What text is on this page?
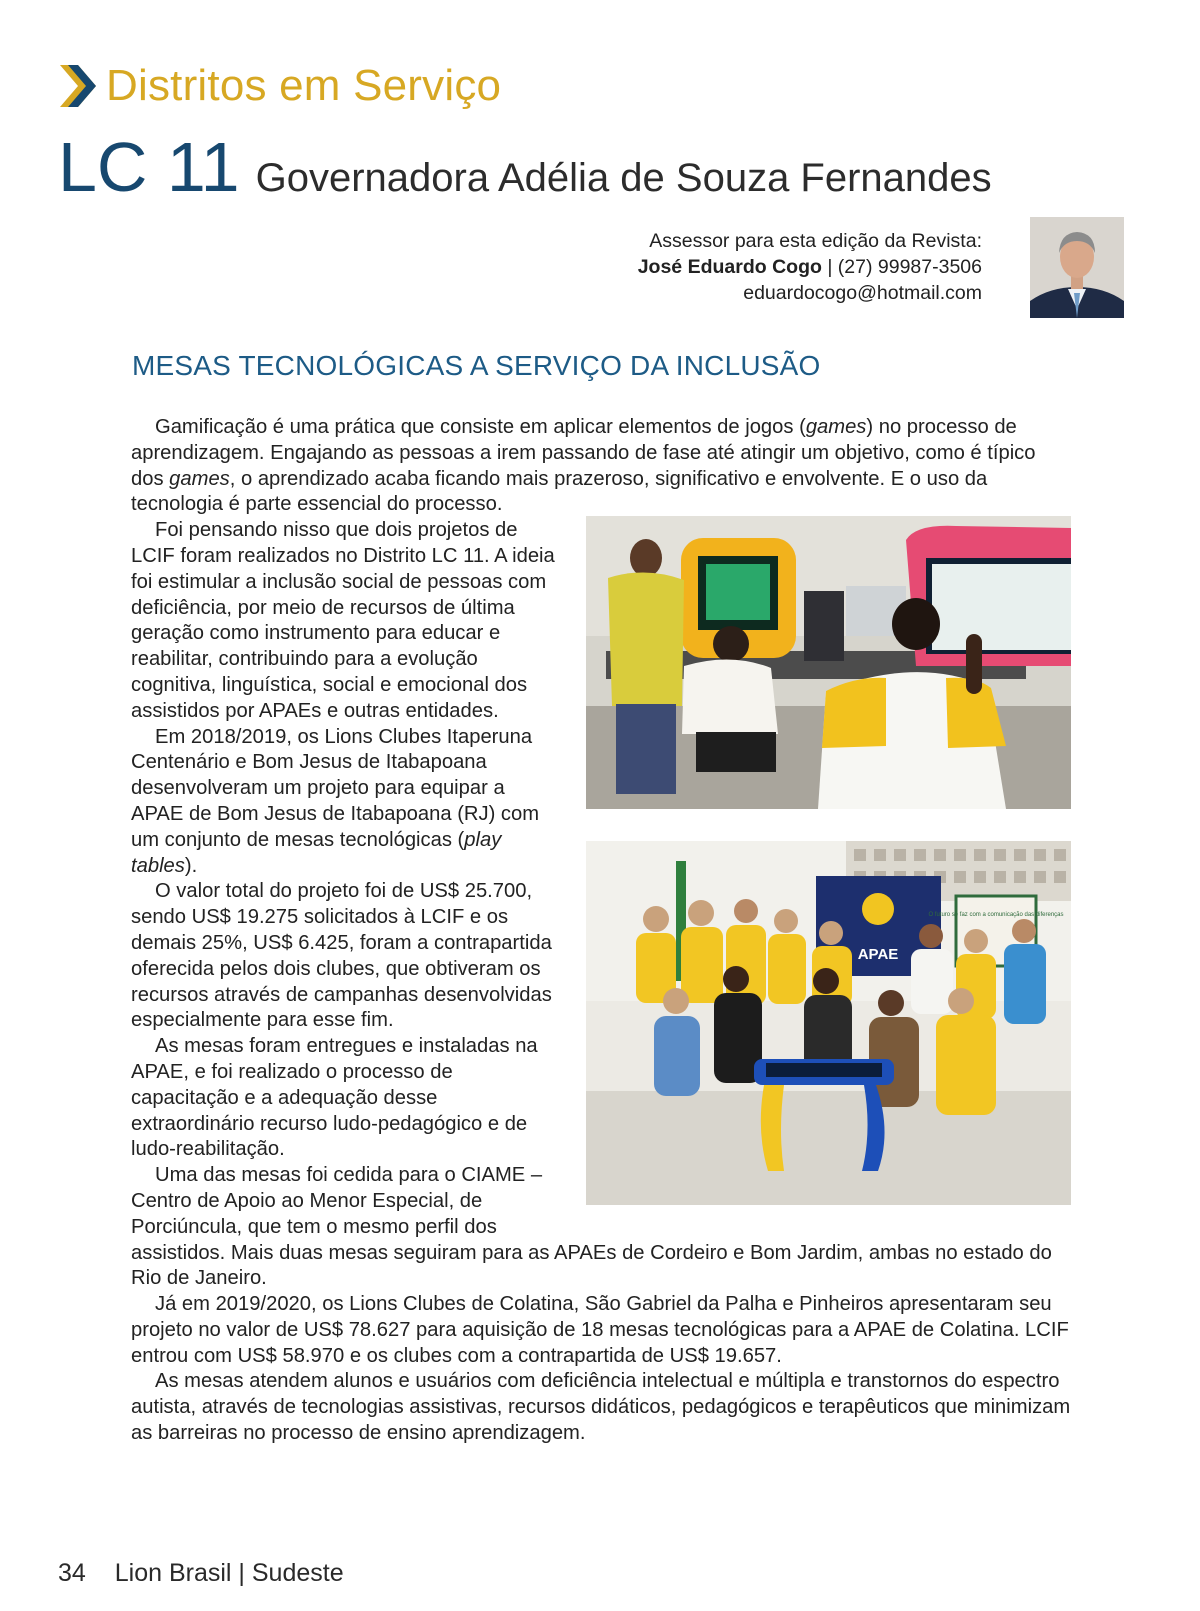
Distritos em Serviço
LC 11 Governadora Adélia de Souza Fernandes
Assessor para esta edição da Revista:
José Eduardo Cogo | (27) 99987-3506
eduardocogo@hotmail.com
MESAS TECNOLÓGICAS A SERVIÇO DA INCLUSÃO
APAE
O futuro se faz com a comunicação das diferenças

Gamificação é uma prática que consiste em aplicar elementos de jogos (games) no processo de aprendizagem. Engajando as pessoas a irem passando de fase até atingir um objetivo, como é típico dos games, o aprendizado acaba ficando mais prazeroso, significativo e envolvente. E o uso da tecnologia é parte essencial do processo.

Foi pensando nisso que dois projetos de LCIF foram realizados no Distrito LC 11. A ideia foi estimular a inclusão social de pessoas com deficiência, por meio de recursos de última geração como instrumento para educar e reabilitar, contribuindo para a evolução cognitiva, linguística, social e emocional dos assistidos por APAEs e outras entidades.

Em 2018/2019, os Lions Clubes Itaperuna Centenário e Bom Jesus de Itabapoana desenvolveram um projeto para equipar a APAE de Bom Jesus de Itabapoana (RJ) com um conjunto de mesas tecnológicas (play tables).

O valor total do projeto foi de US$ 25.700, sendo US$ 19.275 solicitados à LCIF e os demais 25%, US$ 6.425, foram a contrapartida oferecida pelos dois clubes, que obtiveram os recursos através de campanhas desenvolvidas especialmente para esse fim.

As mesas foram entregues e instaladas na APAE, e foi realizado o processo de capacitação e a adequação desse extraordinário recurso ludo-pedagógico e de ludo-reabilitação.

Uma das mesas foi cedida para o CIAME – Centro de Apoio ao Menor Especial, de Porciúncula, que tem o mesmo perfil dos assistidos. Mais duas mesas seguiram para as APAEs de Cordeiro e Bom Jardim, ambas no estado do Rio de Janeiro.

Já em 2019/2020, os Lions Clubes de Colatina, São Gabriel da Palha e Pinheiros apresentaram seu projeto no valor de US$ 78.627 para aquisição de 18 mesas tecnológicas para a APAE de Colatina. LCIF entrou com US$ 58.970 e os clubes com a contrapartida de US$ 19.657.

As mesas atendem alunos e usuários com deficiência intelectual e múltipla e transtornos do espectro autista, através de tecnologias assistivas, recursos didáticos, pedagógicos e terapêuticos que minimizam as barreiras no processo de ensino aprendizagem.

34 Lion Brasil | Sudeste
